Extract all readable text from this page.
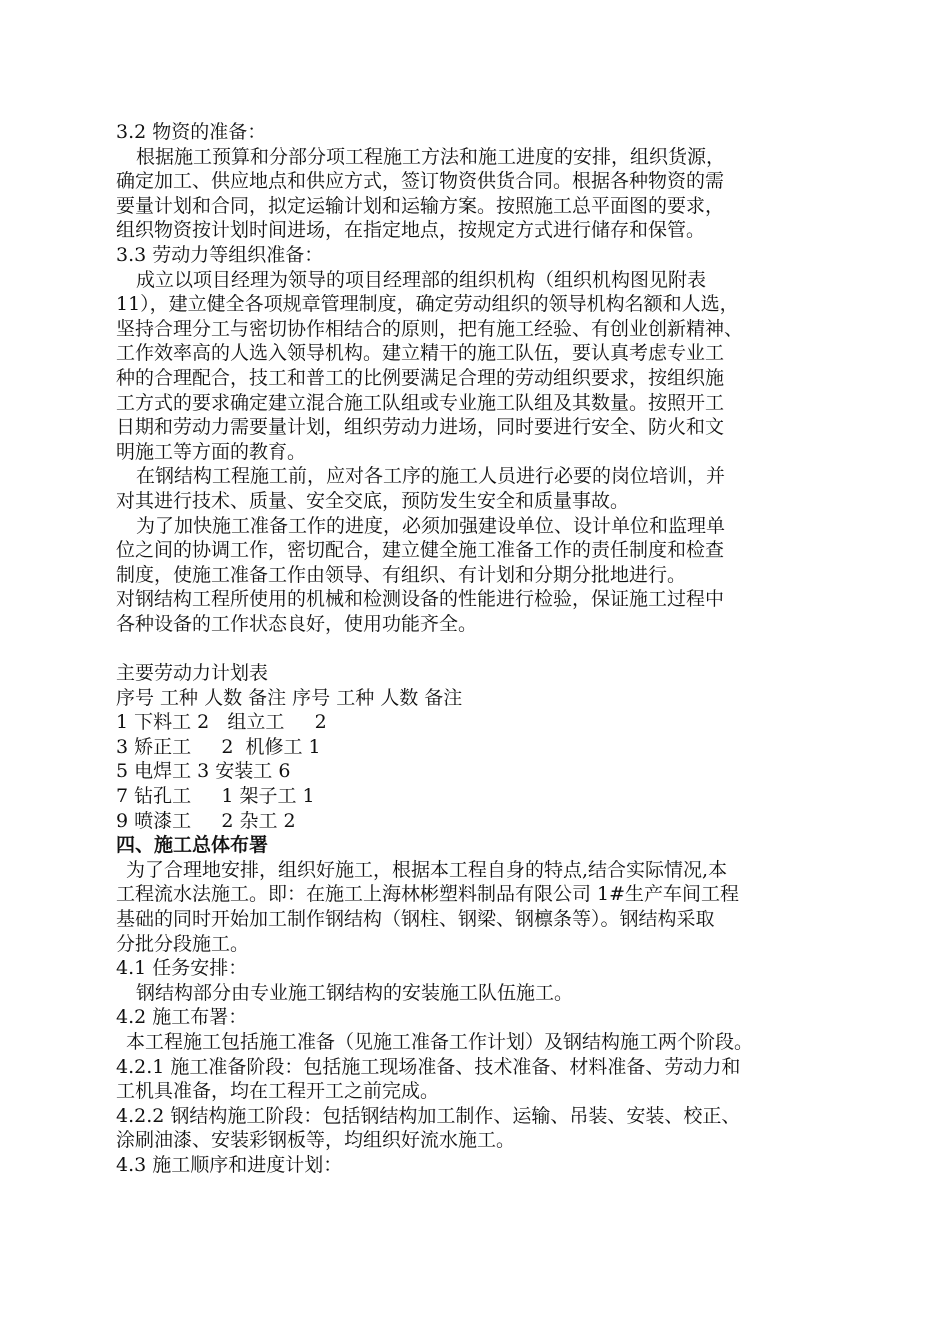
3.2 物资的准备：
根据施工预算和分部分项工程施工方法和施工进度的安排，组织货源，
确定加工、供应地点和供应方式，签订物资供货合同。根据各种物资的需
要量计划和合同，拟定运输计划和运输方案。按照施工总平面图的要求，
组织物资按计划时间进场，在指定地点，按规定方式进行储存和保管。
3.3 劳动力等组织准备：
成立以项目经理为领导的项目经理部的组织机构（组织机构图见附表
11），建立健全各项规章管理制度，确定劳动组织的领导机构名额和人选，
坚持合理分工与密切协作相结合的原则，把有施工经验、有创业创新精神、
工作效率高的人选入领导机构。建立精干的施工队伍，要认真考虑专业工
种的合理配合，技工和普工的比例要满足合理的劳动组织要求，按组织施
工方式的要求确定建立混合施工队组或专业施工队组及其数量。按照开工
日期和劳动力需要量计划，组织劳动力进场，同时要进行安全、防火和文
明施工等方面的教育。
在钢结构工程施工前，应对各工序的施工人员进行必要的岗位培训，并
对其进行技术、质量、安全交底，预防发生安全和质量事故。
为了加快施工准备工作的进度，必须加强建设单位、设计单位和监理单
位之间的协调工作，密切配合，建立健全施工准备工作的责任制度和检查
制度，使施工准备工作由领导、有组织、有计划和分期分批地进行。
对钢结构工程所使用的机械和检测设备的性能进行检验，保证施工过程中
各种设备的工作状态良好，使用功能齐全。
主要劳动力计划表
序号 工种 人数 备注 序号 工种 人数 备注
1 下料工 2   组立工     2
3 矫正工     2  机修工 1
5 电焊工 3 安装工 6
7 钻孔工     1 架子工 1
9 喷漆工     2 杂工 2
四、施工总体布署
为了合理地安排，组织好施工，根据本工程自身的特点,结合实际情况,本
工程流水法施工。即：在施工上海林彬塑料制品有限公司 1#生产车间工程
基础的同时开始加工制作钢结构（钢柱、钢梁、钢檩条等）。钢结构采取
分批分段施工。
4.1 任务安排：
钢结构部分由专业施工钢结构的安装施工队伍施工。
4.2 施工布署：
本工程施工包括施工准备（见施工准备工作计划）及钢结构施工两个阶段。
4.2.1 施工准备阶段：包括施工现场准备、技术准备、材料准备、劳动力和
工机具准备，均在工程开工之前完成。
4.2.2 钢结构施工阶段：包括钢结构加工制作、运输、吊装、安装、校正、
涂刷油漆、安装彩钢板等，均组织好流水施工。
4.3 施工顺序和进度计划：
